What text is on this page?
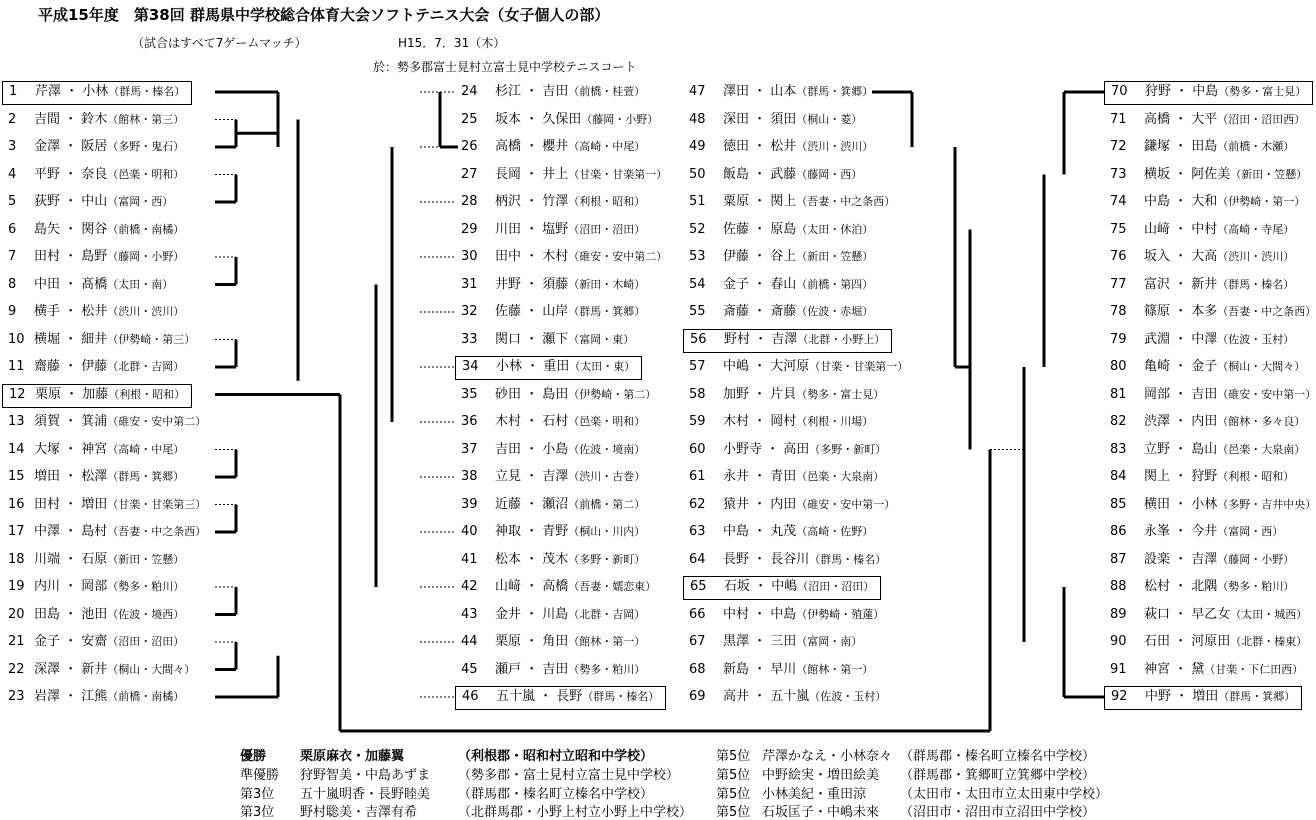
平成15年度　第38回 群馬県中学校総合体育大会ソフトテニス大会（女子個人の部）
（試合はすべて7ゲームマッチ）	H15．7．31（木）
於：勢多郡富士見村立富士見中学校テニスコート
1 芹澤 ・ 小林（群馬・榛名）
2 吉間 ・ 鈴木（館林・第三）
3 金澤 ・ 阪居（多野・鬼石）
4 平野 ・ 奈良（邑楽・明和）
5 荻野 ・ 中山（富岡・西）
6 島矢 ・ 関谷（前橋・南橘）
7 田村 ・ 島野（藤岡・小野）
8 中田 ・ 髙橋（太田・南）
9 横手 ・ 松井（渋川・渋川）
10 横堀 ・ 細井（伊勢崎・第三）
11 齋藤 ・ 伊藤（北群・吉岡）
12 栗原 ・ 加藤（利根・昭和）
13 須賀 ・ 箕浦（碓安・安中第二）
14 大塚 ・ 神宮（高崎・中尾）
15 増田 ・ 松澤（群馬・箕郷）
16 田村 ・ 増田（甘楽・甘楽第三）
17 中澤 ・ 島村（吾妻・中之条西）
18 川端 ・ 石原（新田・笠懸）
19 内川 ・ 岡部（勢多・粕川）
20 田島 ・ 池田（佐波・境西）
21 金子 ・ 安齋（沼田・沼田）
22 深澤 ・ 新井（桐山・大間々）
23 岩澤 ・ 江熊（前橋・南橘）
24 杉江 ・ 吉田（前橋・桂萱）
25 坂本 ・ 久保田（藤岡・小野）
26 高橋 ・ 櫻井（高崎・中尾）
27 長岡 ・ 井上（甘楽・甘楽第一）
28 柄沢 ・ 竹澤（利根・昭和）
29 川田 ・ 塩野（沼田・沼田）
30 田中 ・ 木村（碓安・安中第二）
31 井野 ・ 須藤（新田・木崎）
32 佐藤 ・ 山岸（群馬・箕郷）
33 関口 ・ 瀬下（富岡・東）
34 小林 ・ 重田（太田・東）
35 砂田 ・ 島田（伊勢崎・第二）
36 木村 ・ 石村（邑楽・明和）
37 吉田 ・ 小島（佐波・境南）
38 立見 ・ 吉澤（渋川・古巻）
39 近藤 ・ 瀬沼（前橋・第二）
40 神取 ・ 青野（桐山・川内）
41 松本 ・ 茂木（多野・新町）
42 山﨑 ・ 高橋（吾妻・嬬恋東）
43 金井 ・ 川島（北群・吉岡）
44 栗原 ・ 角田（館林・第一）
45 瀬戸 ・ 吉田（勢多・粕川）
46 五十嵐 ・ 長野（群馬・榛名）
47 澤田 ・ 山本（群馬・箕郷）
48 深田 ・ 須田（桐山・菱）
49 徳田 ・ 松井（渋川・渋川）
50 飯島 ・ 武藤（藤岡・西）
51 粟原 ・ 関上（吾妻・中之条西）
52 佐藤 ・ 原島（太田・休泊）
53 伊藤 ・ 谷上（新田・笠懸）
54 金子 ・ 春山（前橋・第四）
55 斎藤 ・ 斎藤（佐波・赤堀）
56 野村 ・ 吉澤（北群・小野上）
57 中嶋 ・ 大河原（甘楽・甘楽第一）
58 加野 ・ 片貝（勢多・富士見）
59 木村 ・ 岡村（利根・川場）
60 小野寺 ・ 高田（多野・新町）
61 永井 ・ 青田（邑楽・大泉南）
62 猿井 ・ 内田（碓安・安中第一）
63 中島 ・ 丸茂（高崎・佐野）
64 長野 ・ 長谷川（群馬・榛名）
65 石坂 ・ 中嶋（沼田・沼田）
66 中村 ・ 中島（伊勢崎・殖蓮）
67 黒澤 ・ 三田（富岡・南）
68 新島 ・ 早川（館林・第一）
69 高井 ・ 五十嵐（佐波・玉村）
70 狩野 ・ 中島（勢多・富士見）
71 高橋 ・ 大平（沼田・沼田西）
72 鎌塚 ・ 田島（前橋・木瀬）
73 横坂 ・ 阿佐美（新田・笠懸）
74 中島 ・ 大和（伊勢崎・第一）
75 山﨑 ・ 中村（高崎・寺尾）
76 坂入 ・ 大高（渋川・渋川）
77 富沢 ・ 新井（群馬・榛名）
78 篠原 ・ 本多（吾妻・中之条西）
79 武淵 ・ 中澤（佐波・玉村）
80 亀崎 ・ 金子（桐山・大間々）
81 岡部 ・ 吉田（碓安・安中第一）
82 渋澤 ・ 内田（館林・多々良）
83 立野 ・ 島山（邑楽・大泉南）
84 関上 ・ 狩野（利根・昭和）
85 横田 ・ 小林（多野・吉井中央）
86 永峯 ・ 今井（富岡・西）
87 設楽 ・ 吉澤（藤岡・小野）
88 松村 ・ 北隅（勢多・粕川）
89 萩口 ・ 早乙女（太田・城西）
90 石田 ・ 河原田（北群・榛東）
91 神宮 ・ 黛（甘楽・下仁田西）
92 中野 ・ 増田（群馬・箕郷）
優勝	栗原麻衣・加藤翼	（利根郡・昭和村立昭和中学校）
準優勝 狩野智美・中島あずま （勢多郡・富士見村立富士見中学校）
第3位 五十嵐明香・長野睦美 （群馬郡・榛名町立榛名中学校）
第3位 野村聡美・吉澤有希	（北群馬郡・小野上村立小野上中学校）
第5位 芹澤かなえ・小林奈々 （群馬郡・榛名町立榛名中学校）
第5位 中野絵実・増田絵美 （群馬郡・箕郷町立箕郷中学校）
第5位 小林美紀・重田涼	（太田市・太田市立太田東中学校）
第5位 石坂匡子・中嶋未來 （沼田市・沼田市立沼田中学校）
